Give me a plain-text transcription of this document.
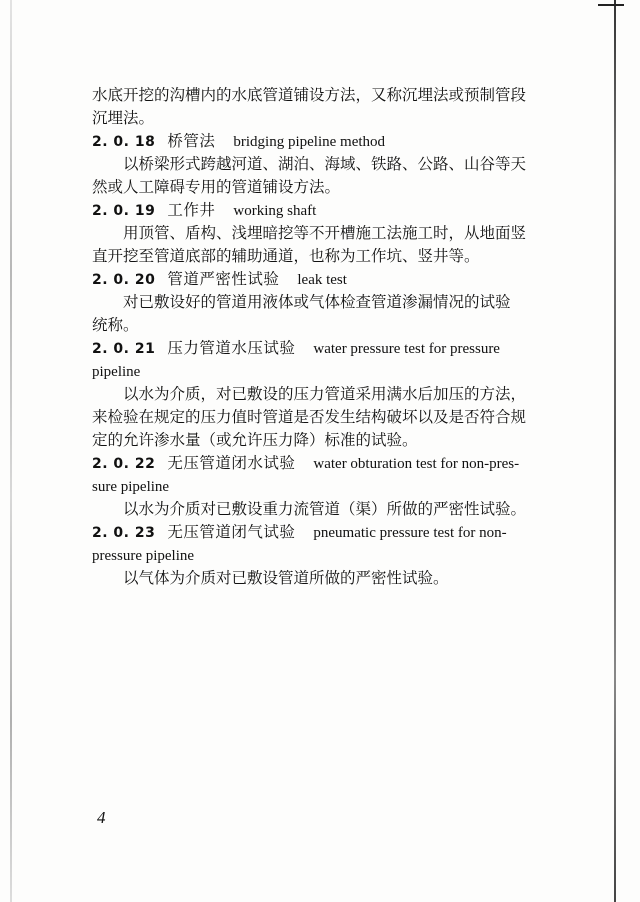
水底开挖的沟槽内的水底管道铺设方法，又称沉埋法或预制管段
沉埋法。
2. 0. 18 桥管法 bridging pipeline method
以桥梁形式跨越河道、湖泊、海域、铁路、公路、山谷等天
然或人工障碍专用的管道铺设方法。
2. 0. 19 工作井 working shaft
用顶管、盾构、浅埋暗挖等不开槽施工法施工时，从地面竖
直开挖至管道底部的辅助通道，也称为工作坑、竖井等。
2. 0. 20 管道严密性试验 leak test
对已敷设好的管道用液体或气体检查管道渗漏情况的试验
统称。
2. 0. 21 压力管道水压试验 water pressure test for pressure
pipeline
以水为介质，对已敷设的压力管道采用满水后加压的方法，
来检验在规定的压力值时管道是否发生结构破坏以及是否符合规
定的允许渗水量（或允许压力降）标准的试验。
2. 0. 22 无压管道闭水试验 water obturation test for non-pres-
sure pipeline
以水为介质对已敷设重力流管道（渠）所做的严密性试验。
2. 0. 23 无压管道闭气试验 pneumatic pressure test for non-
pressure pipeline
以气体为介质对已敷设管道所做的严密性试验。
4
